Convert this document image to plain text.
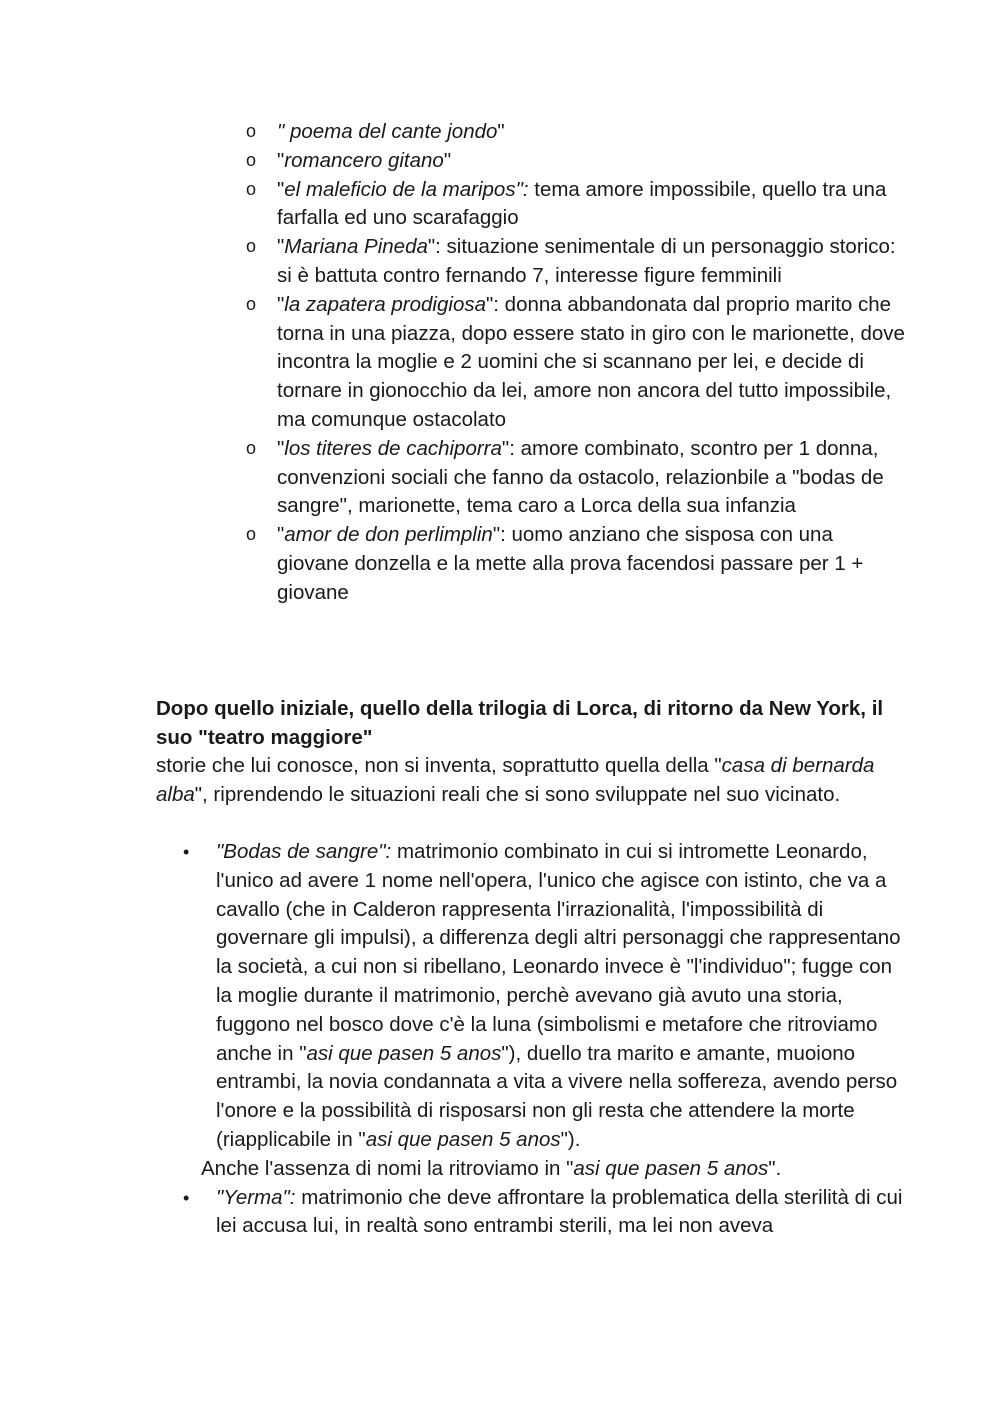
o " poema del cante jondo"
o "romancero gitano"
o "el maleficio de la maripos": tema amore impossibile, quello tra una farfalla ed uno scarafaggio
o "Mariana Pineda": situazione senimentale di un personaggio storico: si è battuta contro fernando 7, interesse figure femminili
o "la zapatera prodigiosa": donna abbandonata dal proprio marito che torna in una piazza, dopo essere stato in giro con le marionette, dove incontra la moglie e 2 uomini che si scannano per lei, e decide di tornare in gionocchio da lei, amore non ancora del tutto impossibile, ma comunque ostacolato
o "los titeres de cachiporra": amore combinato, scontro per 1 donna, convenzioni sociali che fanno da ostacolo, relazionbile a "bodas de sangre", marionette, tema caro a Lorca della sua infanzia
o "amor de don perlimplin": uomo anziano che sisposa con una giovane donzella e la mette alla prova facendosi passare per 1 + giovane
Dopo quello iniziale, quello della trilogia di Lorca, di ritorno da New York, il suo "teatro maggiore"
storie che lui conosce, non si inventa, soprattutto quella della "casa di bernarda alba", riprendendo le situazioni reali che si sono sviluppate nel suo vicinato.
• "Bodas de sangre": matrimonio combinato in cui si intromette Leonardo, l'unico ad avere 1 nome nell'opera, l'unico che agisce con istinto, che va a cavallo (che in Calderon rappresenta l'irrazionalità, l'impossibilità di governare gli impulsi), a differenza degli altri personaggi che rappresentano la società, a cui non si ribellano, Leonardo invece è "l'individuo"; fugge con la moglie durante il matrimonio, perchè avevano già avuto una storia, fuggono nel bosco dove c'è la luna (simbolismi e metafore che ritroviamo anche in "asi que pasen 5 anos"), duello tra marito e amante, muoiono entrambi, la novia condannata a vita a vivere nella soffereza, avendo perso l'onore e la possibilità di risposarsi non gli resta che attendere la morte (riapplicabile in "asi que pasen 5 anos").
Anche l'assenza di nomi la ritroviamo in "asi que pasen 5 anos".
• "Yerma": matrimonio che deve affrontare la problematica della sterilità di cui lei accusa lui, in realtà sono entrambi sterili, ma lei non aveva
